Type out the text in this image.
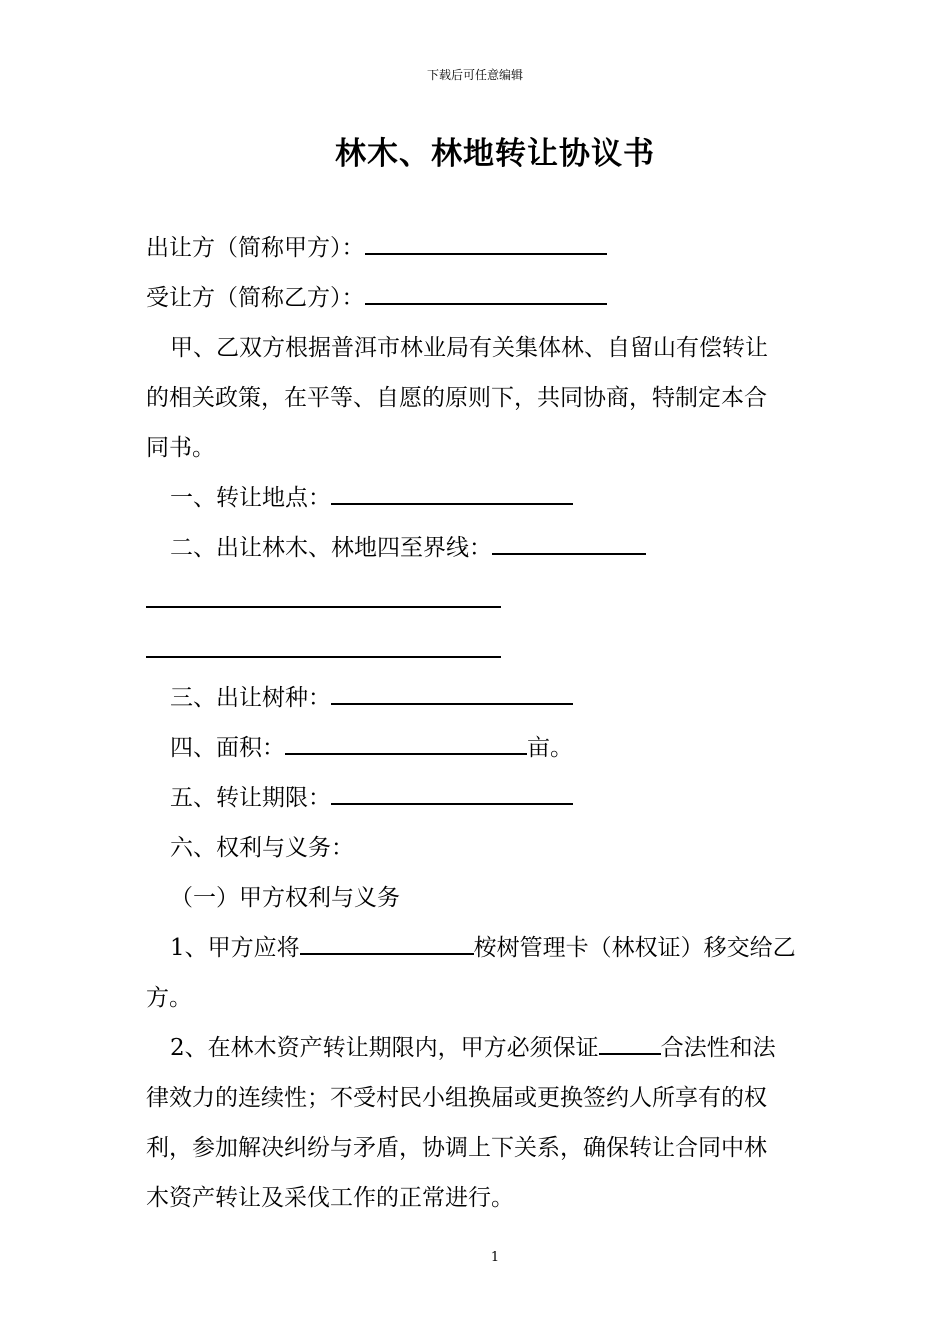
下载后可任意编辑
林木、林地转让协议书
出让方（简称甲方）：
受让方（简称乙方）：
甲、乙双方根据普洱市林业局有关集体林、自留山有偿转让
的相关政策，在平等、自愿的原则下，共同协商，特制定本合
同书。
一、转让地点：
二、出让林木、林地四至界线：
三、出让树种：
四、面积：	亩。
五、转让期限：
六、权利与义务：
（一）甲方权利与义务
1、甲方应将	桉树管理卡（林权证）移交给乙
方。
2、在林木资产转让期限内，甲方必须保证	合法性和法
律效力的连续性；不受村民小组换届或更换签约人所享有的权
利，参加解决纠纷与矛盾，协调上下关系，确保转让合同中林
木资产转让及采伐工作的正常进行。
1
